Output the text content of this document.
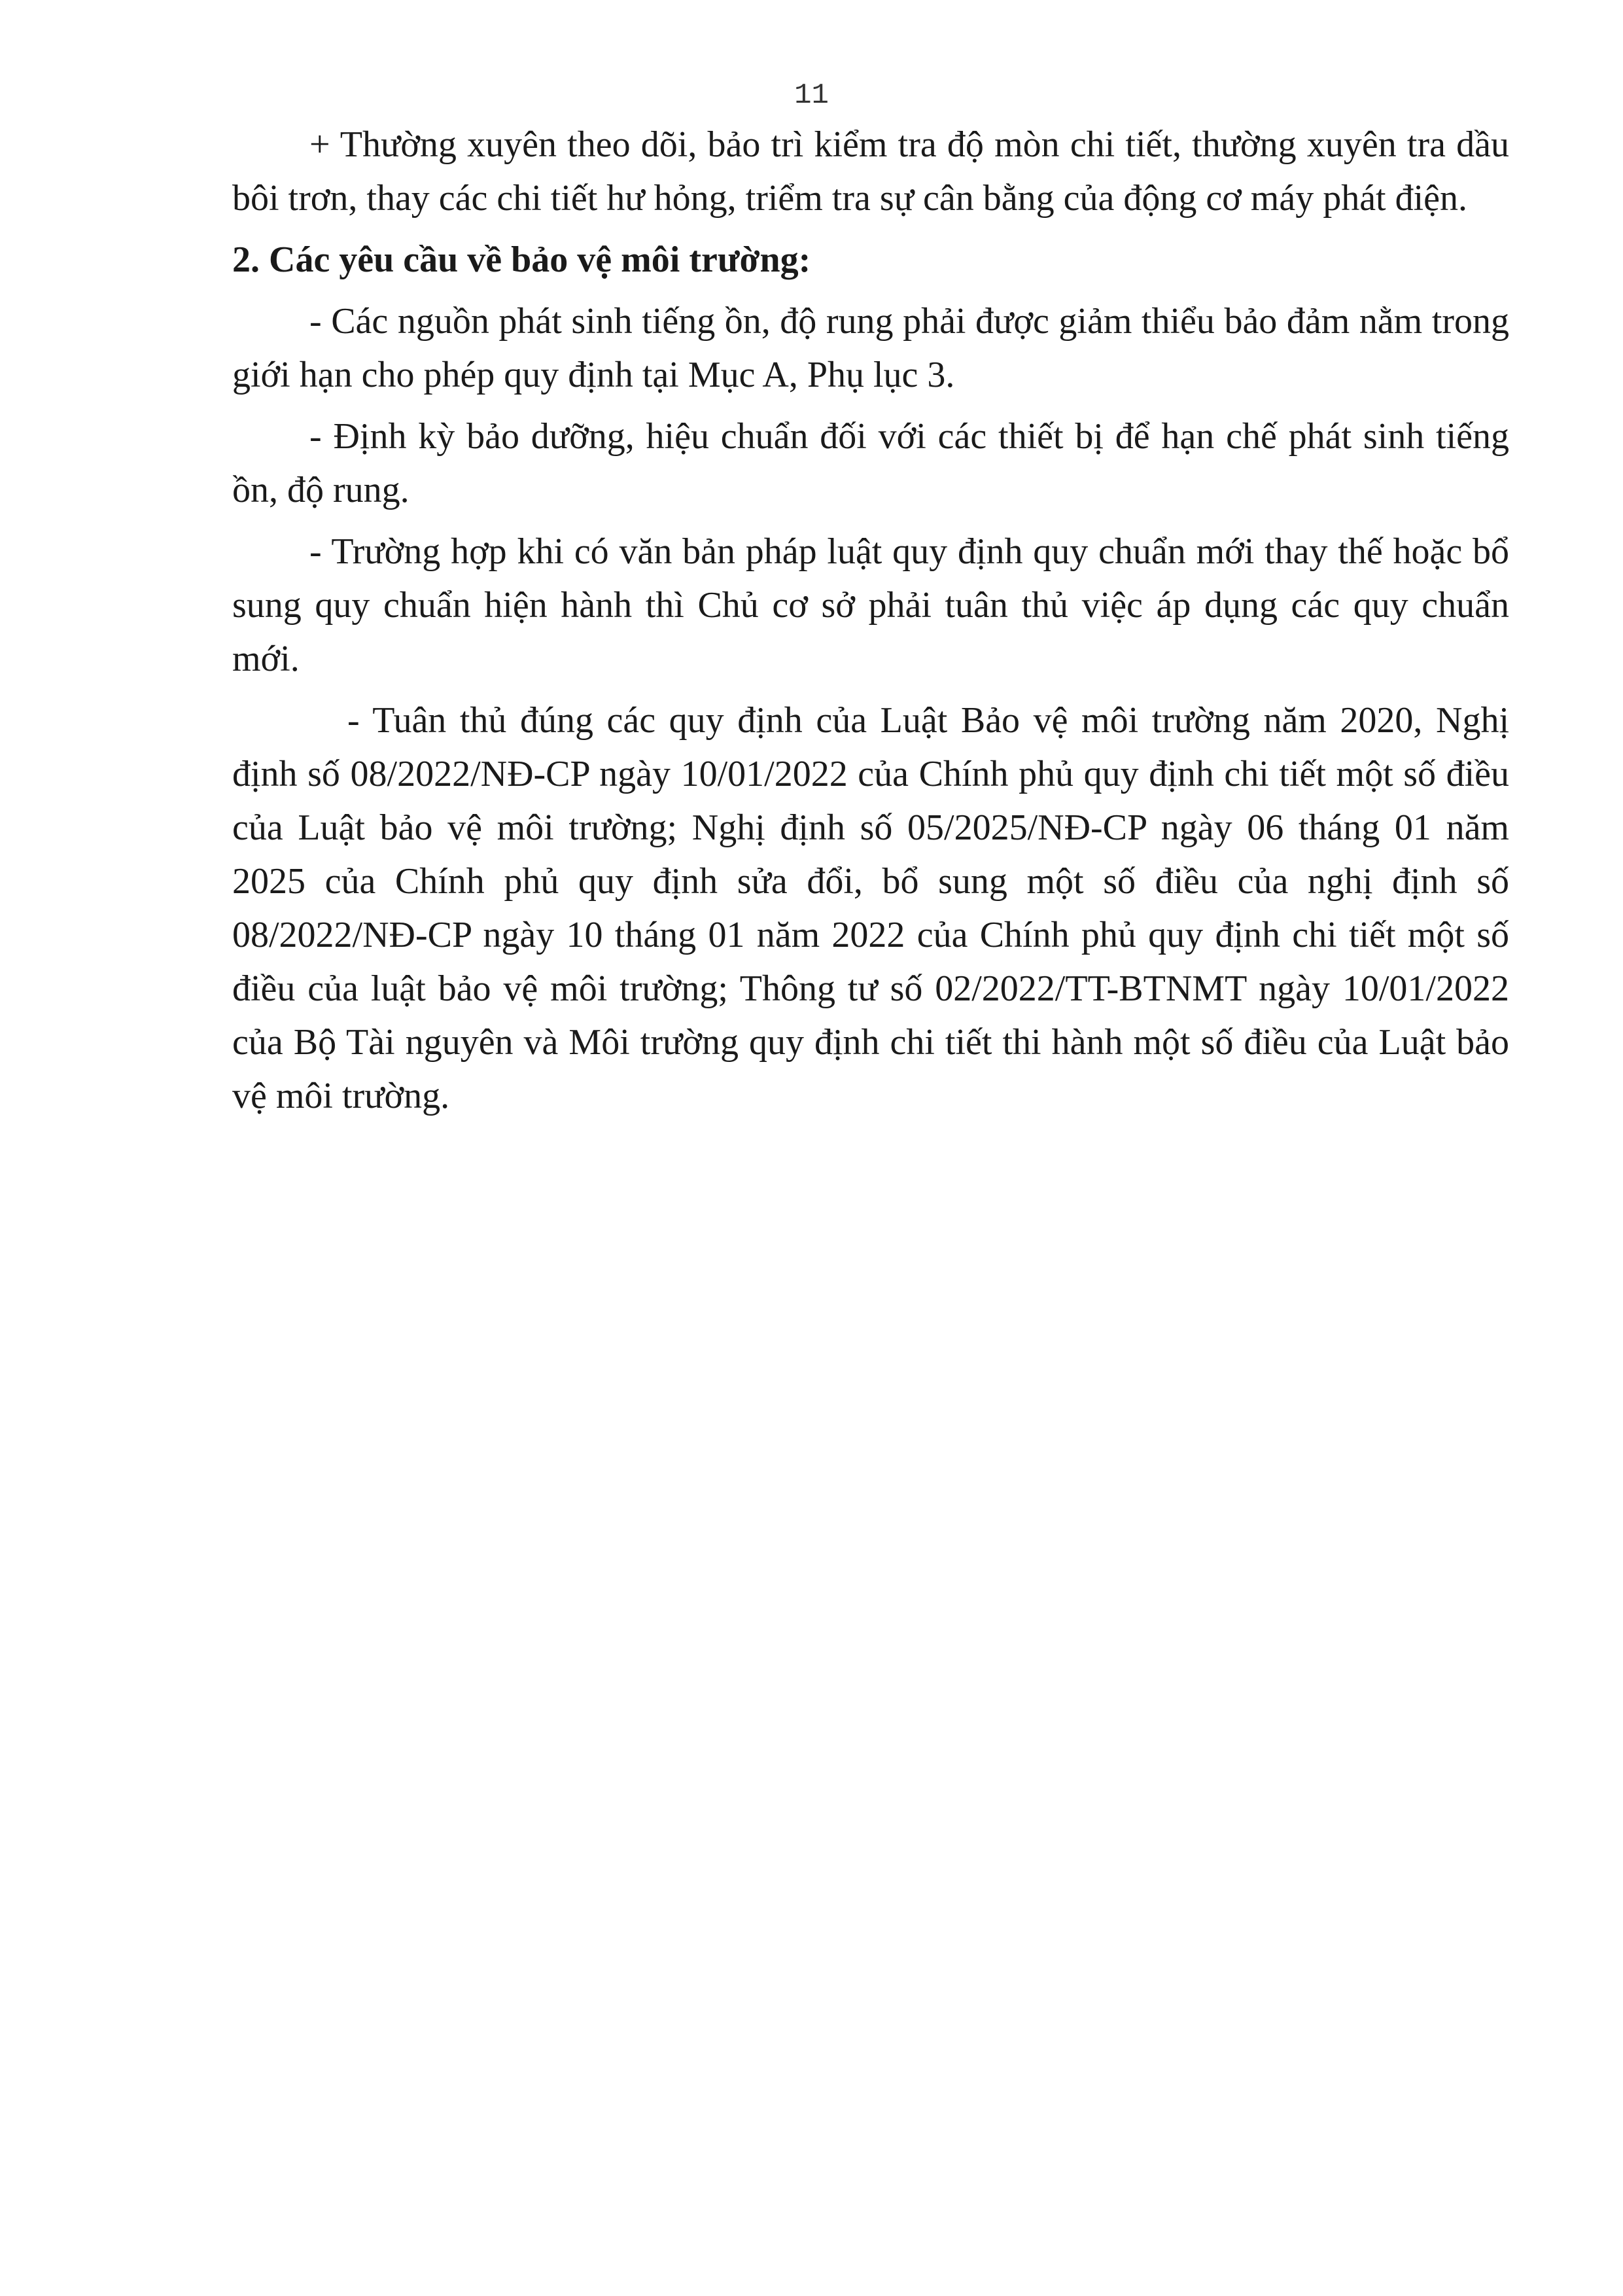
11

+ Thường xuyên theo dõi, bảo trì kiểm tra độ mòn chi tiết, thường xuyên tra dầu bôi trơn, thay các chi tiết hư hỏng, triểm tra sự cân bằng của động cơ máy phát điện.

2. Các yêu cầu về bảo vệ môi trường:

- Các nguồn phát sinh tiếng ồn, độ rung phải được giảm thiểu bảo đảm nằm trong giới hạn cho phép quy định tại Mục A, Phụ lục 3.

- Định kỳ bảo dưỡng, hiệu chuẩn đối với các thiết bị để hạn chế phát sinh tiếng ồn, độ rung.

- Trường hợp khi có văn bản pháp luật quy định quy chuẩn mới thay thế hoặc bổ sung quy chuẩn hiện hành thì Chủ cơ sở phải tuân thủ việc áp dụng các quy chuẩn mới.

- Tuân thủ đúng các quy định của Luật Bảo vệ môi trường năm 2020, Nghị định số 08/2022/NĐ-CP ngày 10/01/2022 của Chính phủ quy định chi tiết một số điều của Luật bảo vệ môi trường; Nghị định số 05/2025/NĐ-CP ngày 06 tháng 01 năm 2025 của Chính phủ quy định sửa đổi, bổ sung một số điều của nghị định số 08/2022/NĐ-CP ngày 10 tháng 01 năm 2022 của Chính phủ quy định chi tiết một số điều của luật bảo vệ môi trường; Thông tư số 02/2022/TT-BTNMT ngày 10/01/2022 của Bộ Tài nguyên và Môi trường quy định chi tiết thi hành một số điều của Luật bảo vệ môi trường.
